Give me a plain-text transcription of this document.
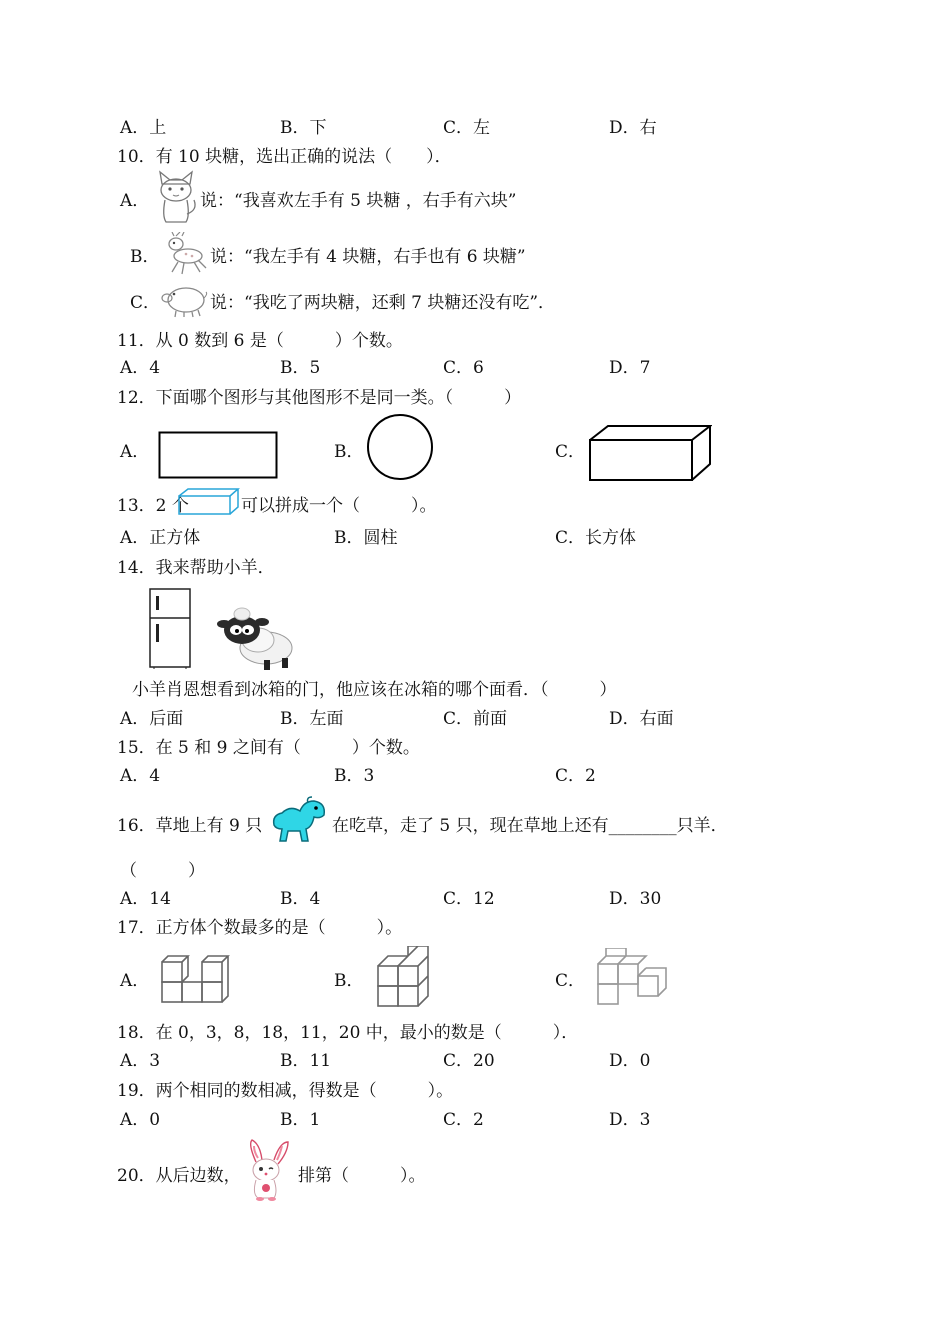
A．上	B．下	C．左	D．右
10．有 10 块糖，选出正确的说法（　　）．
A．	说：“我喜欢左手有 5 块糖 ，右手有六块”
B．	说：“我左手有 4 块糖，右手也有 6 块糖”
C．	说：“我吃了两块糖，还剩 7 块糖还没有吃”．
11．从 0 数到 6 是（　　　）个数。
A．4	B．5	C．6	D．7
12．下面哪个图形与其他图形不是同一类。（　　　）
A．	B．	C．
13．2 个	可以拼成一个（　　　）。
A．正方体	B．圆柱	C．长方体
14．我来帮助小羊．
小羊肖恩想看到冰箱的门，他应该在冰箱的哪个面看．（　　　）
A．后面	B．左面	C．前面	D．右面
15．在 5 和 9 之间有（　　　）个数。
A．4	B．3	C．2
16．草地上有 9 只	在吃草，走了 5 只，现在草地上还有________只羊．
（　　　）
A．14	B．4	C．12	D．30
17．正方体个数最多的是（　　　）。
A．	B．	C．
18．在 0，3，8，18，11，20 中，最小的数是（　　　）．
A．3	B．11	C．20	D．0
19．两个相同的数相减，得数是（　　　）。
A．0	B．1	C．2	D．3
20．从后边数，	排第（　　　）。
